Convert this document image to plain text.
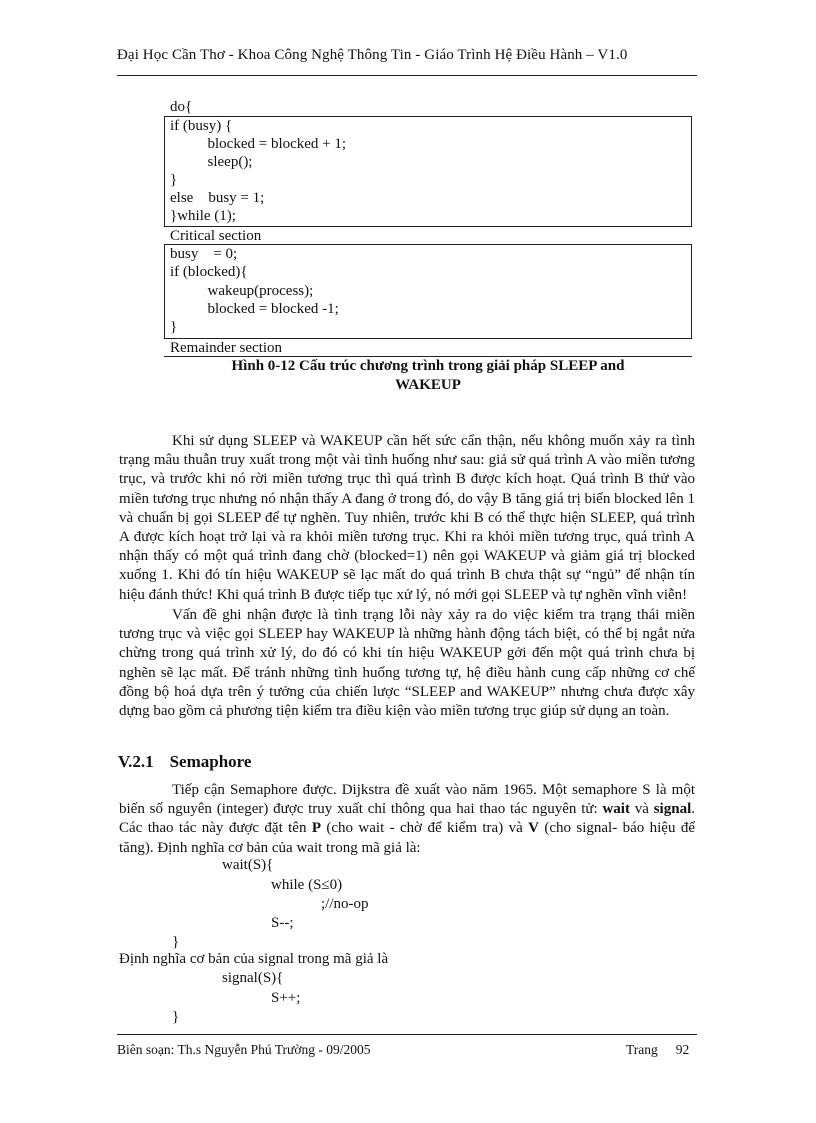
Đại Học Cần Thơ - Khoa Công Nghệ Thông Tin - Giáo Trình Hệ Điều Hành – V1.0
do{
if (busy) {
blocked = blocked + 1;
sleep();
}
else    busy = 1;
}while (1);
Critical section
busy    = 0;
if (blocked){
wakeup(process);
blocked = blocked -1;
}
Remainder section
Hình 0-12 Cấu trúc chương trình trong giải pháp SLEEP and
WAKEUP
Khi sử dụng SLEEP và WAKEUP cần hết sức cẩn thận, nếu không muốn xảy ra tình trạng mâu thuẫn truy xuất trong một vài tình huống như sau: giả sử quá trình A vào miền tương trục, và trước khi nó rời miền tương trục thì quá trình B được kích hoạt. Quá trình B thử vào miền tương trục nhưng nó nhận thấy A đang ở trong đó, do vậy B tăng giá trị biến blocked lên 1 và chuẩn bị gọi SLEEP để tự nghẽn. Tuy nhiên, trước khi B có thể thực hiện SLEEP, quá trình A được kích hoạt trở lại và ra khỏi miền tương trục. Khi ra khỏi miền tương trục, quá trình A nhận thấy có một quá trình đang chờ (blocked=1) nên gọi WAKEUP và giảm giá trị blocked xuống 1. Khi đó tín hiệu WAKEUP sẽ lạc mất do quá trình B chưa thật sự “ngủ” để nhận tín hiệu đánh thức! Khi quá trình B được tiếp tục xử lý, nó mới gọi SLEEP và tự nghẽn vĩnh viễn!
Vấn đề ghi nhận được là tình trạng lỗi này xảy ra do việc kiểm tra trạng thái miền tương trục và việc gọi SLEEP hay WAKEUP là những hành động tách biệt, có thể bị ngắt nửa chừng trong quá trình xử lý, do đó có khi tín hiệu WAKEUP gởi đến một quá trình chưa bị nghẽn sẽ lạc mất. Để tránh những tình huống tương tự, hệ điều hành cung cấp những cơ chế đồng bộ hoá dựa trên ý tưởng của chiến lược “SLEEP and WAKEUP” nhưng chưa được xây dựng bao gồm cả phương tiện kiểm tra điều kiện vào miền tương trục giúp sử dụng an toàn.
V.2.1 Semaphore
Tiếp cận Semaphore được. Dijkstra đề xuất vào năm 1965. Một semaphore S là một biến số nguyên (integer) được truy xuất chỉ thông qua hai thao tác nguyên tử: wait và signal. Các thao tác này được đặt tên P (cho wait - chờ để kiểm tra) và V (cho signal- báo hiệu để tăng). Định nghĩa cơ bản của wait trong mã giả là:
wait(S){
while (S≤0)
;//no-op
S--;
}
Định nghĩa cơ bản của signal trong mã giả là
signal(S){
S++;
}
Biên soạn: Th.s Nguyễn Phú Trường - 09/2005	Trang 92
